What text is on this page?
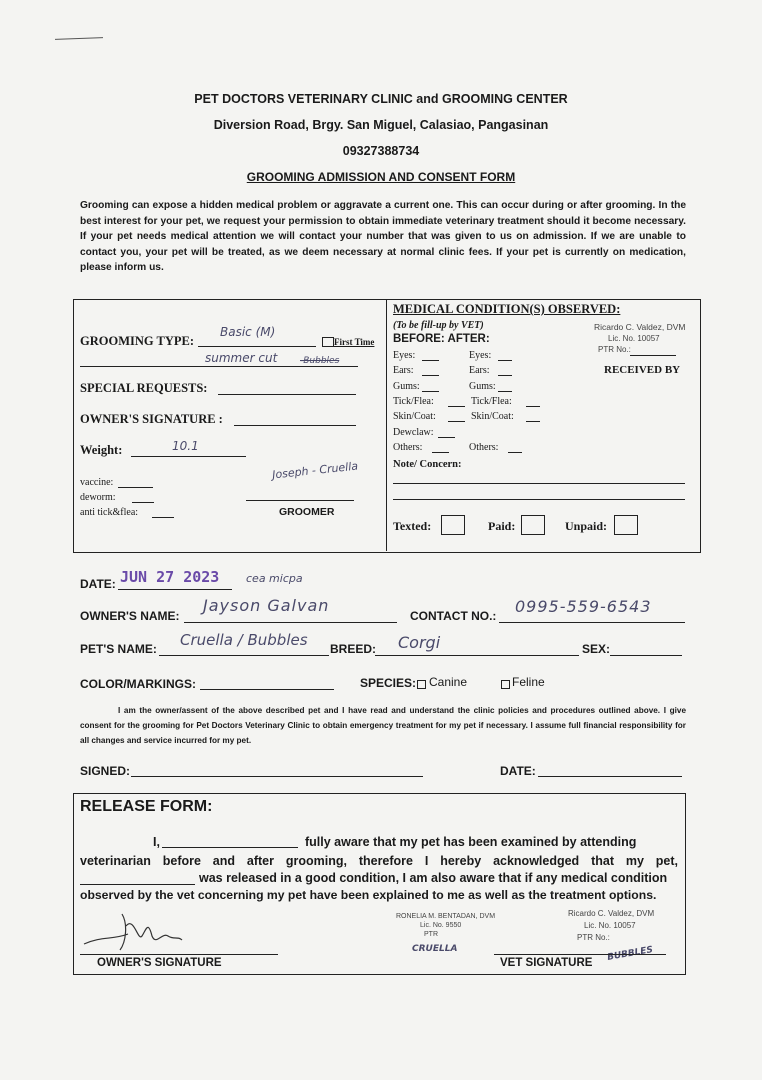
PET DOCTORS VETERINARY CLINIC and GROOMING CENTER
Diversion Road, Brgy. San Miguel, Calasiao, Pangasinan
09327388734
GROOMING ADMISSION AND CONSENT FORM
Grooming can expose a hidden medical problem or aggravate a current one. This can occur during or after grooming. In the best interest for your pet, we request your permission to obtain immediate veterinary treatment should it become necessary. If your pet needs medical attention we will contact your number that was given to us on admission. If we are unable to contact you, your pet will be treated, as we deem necessary at normal clinic fees. If your pet is currently on medication, please inform us.
GROOMING TYPE:
Basic (M)
First Time
summer cut	-Bubbles
SPECIAL REQUESTS:
OWNER'S SIGNATURE :
Weight:	10.1
vaccine:
deworm:
anti tick&flea:
Joseph - Cruella
GROOMER
MEDICAL CONDITION(S) OBSERVED:
(To be fill-up by VET)
BEFORE: AFTER:
Ricardo C. Valdez, DVM
Lic. No. 10057
PTR No.:
RECEIVED BY
Eyes:	Eyes:
Ears:	Ears:
Gums:	Gums:
Tick/Flea:	Tick/Flea:
Skin/Coat:	Skin/Coat:
Dewclaw:
Others:	Others:
Note/ Concern:
Texted:	Paid:	Unpaid:
DATE: JUN 27 2023 cea micpa
OWNER'S NAME:
Jayson Galvan
CONTACT NO.: 0995-559-6543
PET'S NAME: Cruella / Bubbles BREED: Corgi	SEX:
COLOR/MARKINGS:	SPECIES: Canine	Feline
I am the owner/assent of the above described pet and I have read and understand the clinic policies and procedures outlined above. I give consent for the grooming for Pet Doctors Veterinary Clinic to obtain emergency treatment for my pet if necessary. I assume full financial responsibility for all changes and service incurred for my pet.
SIGNED:	DATE:
RELEASE FORM:
I,	fully aware that my pet has been examined by attending
veterinarian before and after grooming, therefore I hereby acknowledged that my pet,
was released in a good condition, I am also aware that if any medical condition
observed by the vet concerning my pet have been explained to me as well as the treatment options.
RONELIA M. BENTADAN, DVM
Lic. No. 9550
PTR
Ricardo C. Valdez, DVM
Lic. No. 10057
PTR No.:
CRUELLA	BUBBLES
OWNER'S SIGNATURE	VET SIGNATURE
